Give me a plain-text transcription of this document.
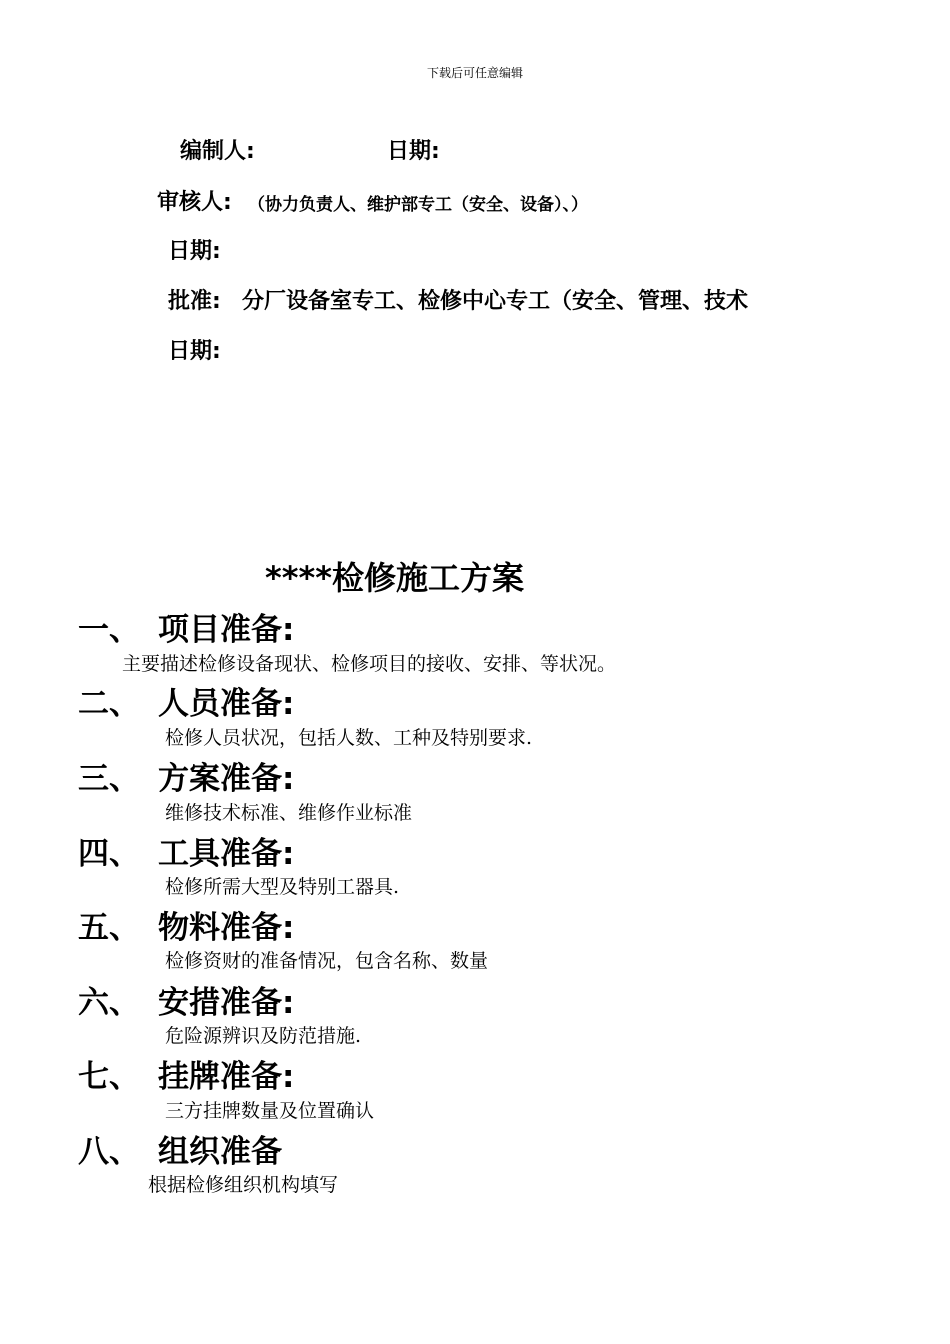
下载后可任意编辑
编制人:	日期:
审核人: （协力负责人、维护部专工（安全、设备）、）
日期:
批准: 分厂设备室专工、检修中心专工（安全、管理、技术
日期:
****检修施工方案
一、 项目准备:
主要描述检修设备现状、检修项目的接收、安排、等状况。
二、 人员准备:
检修人员状况，包括人数、工种及特别要求.
三、 方案准备:
维修技术标准、维修作业标准
四、 工具准备:
检修所需大型及特别工器具.
五、 物料准备:
检修资财的准备情况，包含名称、数量
六、 安措准备:
危险源辨识及防范措施.
七、 挂牌准备:
三方挂牌数量及位置确认
八、 组织准备
根据检修组织机构填写
